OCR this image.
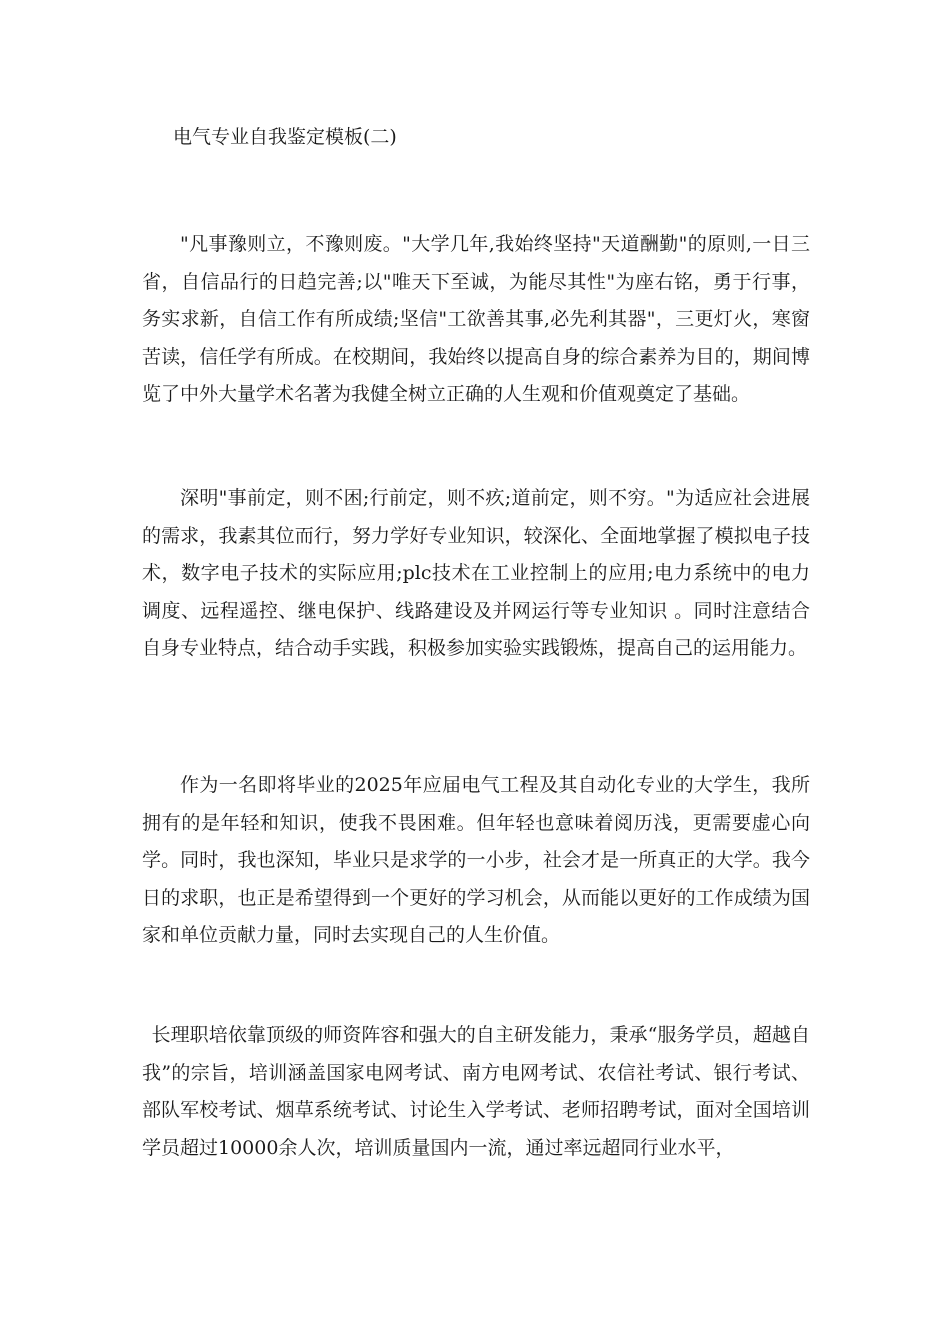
电气专业自我鉴定模板(二)

"凡事豫则立，不豫则废。"大学几年,我始终坚持"天道酬勤"的原则,一日三省，自信品行的日趋完善;以"唯天下至诚，为能尽其性"为座右铭，勇于行事，务实求新，自信工作有所成绩;坚信"工欲善其事,必先利其器"，三更灯火，寒窗苦读，信任学有所成。在校期间，我始终以提高自身的综合素养为目的，期间博览了中外大量学术名著为我健全树立正确的人生观和价值观奠定了基础。

深明"事前定，则不困;行前定，则不疚;道前定，则不穷。"为适应社会进展的需求，我素其位而行，努力学好专业知识，较深化、全面地掌握了模拟电子技术，数字电子技术的实际应用;plc技术在工业控制上的应用;电力系统中的电力调度、远程遥控、继电保护、线路建设及并网运行等专业知识 。同时注意结合自身专业特点，结合动手实践，积极参加实验实践锻炼，提高自己的运用能力。

作为一名即将毕业的2025年应届电气工程及其自动化专业的大学生，我所拥有的是年轻和知识，使我不畏困难。但年轻也意味着阅历浅，更需要虚心向学。同时，我也深知，毕业只是求学的一小步，社会才是一所真正的大学。我今日的求职，也正是希望得到一个更好的学习机会，从而能以更好的工作成绩为国家和单位贡献力量，同时去实现自己的人生价值。

长理职培依靠顶级的师资阵容和强大的自主研发能力，秉承“服务学员，超越自我”的宗旨，培训涵盖国家电网考试、南方电网考试、农信社考试、银行考试、部队军校考试、烟草系统考试、讨论生入学考试、老师招聘考试，面对全国培训学员超过10000余人次，培训质量国内一流，通过率远超同行业水平，
